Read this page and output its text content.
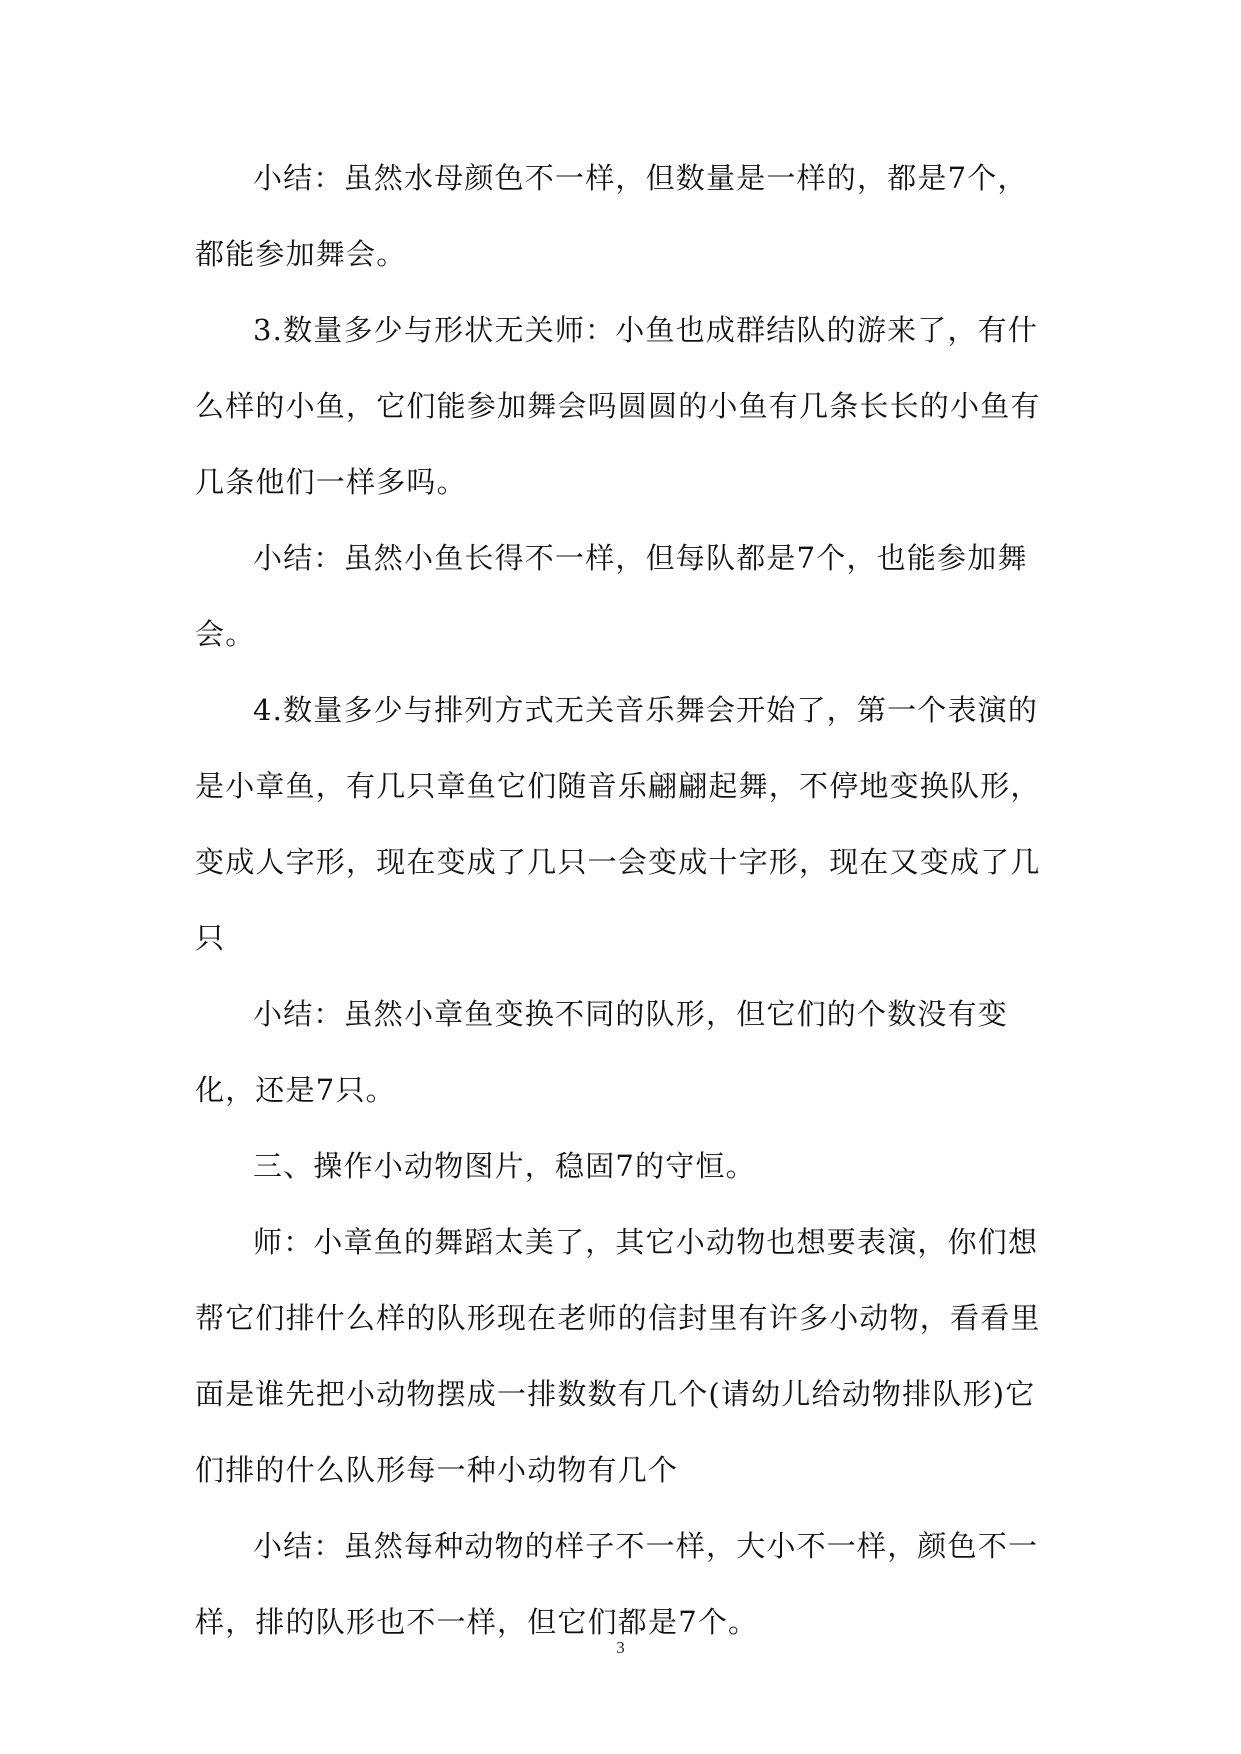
小结：虽然水母颜色不一样，但数量是一样的，都是7个，都能参加舞会。

3.数量多少与形状无关师：小鱼也成群结队的游来了，有什么样的小鱼，它们能参加舞会吗圆圆的小鱼有几条长长的小鱼有几条他们一样多吗。

小结：虽然小鱼长得不一样，但每队都是7个，也能参加舞会。

4.数量多少与排列方式无关音乐舞会开始了，第一个表演的是小章鱼，有几只章鱼它们随音乐翩翩起舞，不停地变换队形，变成人字形，现在变成了几只一会变成十字形，现在又变成了几只

小结：虽然小章鱼变换不同的队形，但它们的个数没有变化，还是7只。

三、操作小动物图片，稳固7的守恒。

师：小章鱼的舞蹈太美了，其它小动物也想要表演，你们想帮它们排什么样的队形现在老师的信封里有许多小动物，看看里面是谁先把小动物摆成一排数数有几个(请幼儿给动物排队形)它们排的什么队形每一种小动物有几个

小结：虽然每种动物的样子不一样，大小不一样，颜色不一样，排的队形也不一样，但它们都是7个。

3
